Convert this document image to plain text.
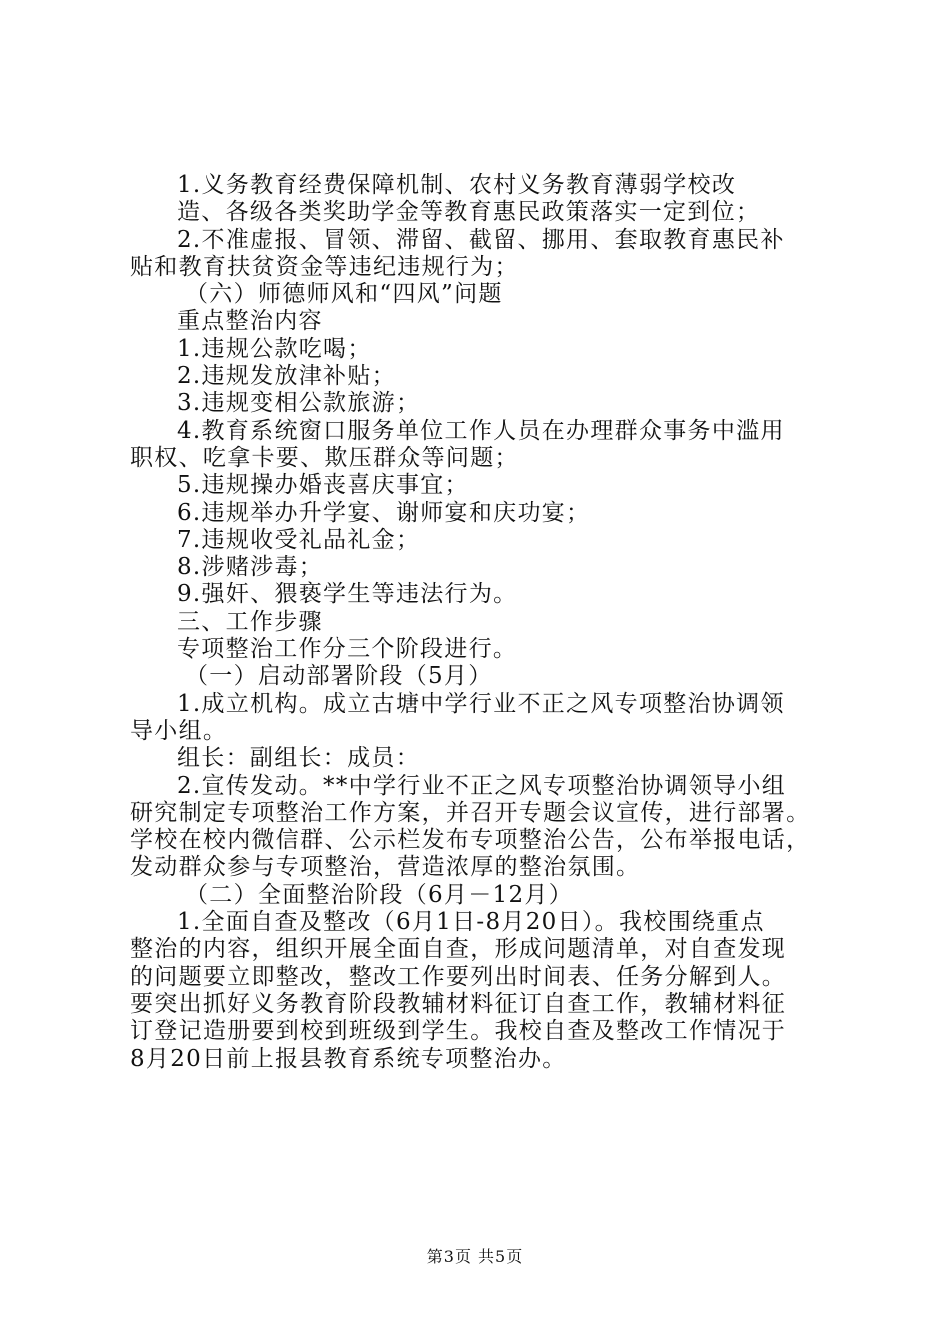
1.义务教育经费保障机制、农村义务教育薄弱学校改
造、各级各类奖助学金等教育惠民政策落实一定到位；
2.不准虚报、冒领、滞留、截留、挪用、套取教育惠民补
贴和教育扶贫资金等违纪违规行为；
（六）师德师风和“四风”问题
重点整治内容
1.违规公款吃喝；
2.违规发放津补贴；
3.违规变相公款旅游；
4.教育系统窗口服务单位工作人员在办理群众事务中滥用
职权、吃拿卡要、欺压群众等问题；
5.违规操办婚丧喜庆事宜；
6.违规举办升学宴、谢师宴和庆功宴；
7.违规收受礼品礼金；
8.涉赌涉毒；
9.强奸、猥亵学生等违法行为。
三、工作步骤
专项整治工作分三个阶段进行。
（一）启动部署阶段（5月）
1.成立机构。成立古塘中学行业不正之风专项整治协调领
导小组。
组长：副组长：成员：
2.宣传发动。**中学行业不正之风专项整治协调领导小组
研究制定专项整治工作方案，并召开专题会议宣传，进行部署。
学校在校内微信群、公示栏发布专项整治公告，公布举报电话，
发动群众参与专项整治，营造浓厚的整治氛围。
（二）全面整治阶段（6月－12月）
1.全面自查及整改（6月1日-8月20日）。我校围绕重点
整治的内容，组织开展全面自查，形成问题清单，对自查发现
的问题要立即整改，整改工作要列出时间表、任务分解到人。
要突出抓好义务教育阶段教辅材料征订自查工作，教辅材料征
订登记造册要到校到班级到学生。我校自查及整改工作情况于
8月20日前上报县教育系统专项整治办。
第3页 共5页
